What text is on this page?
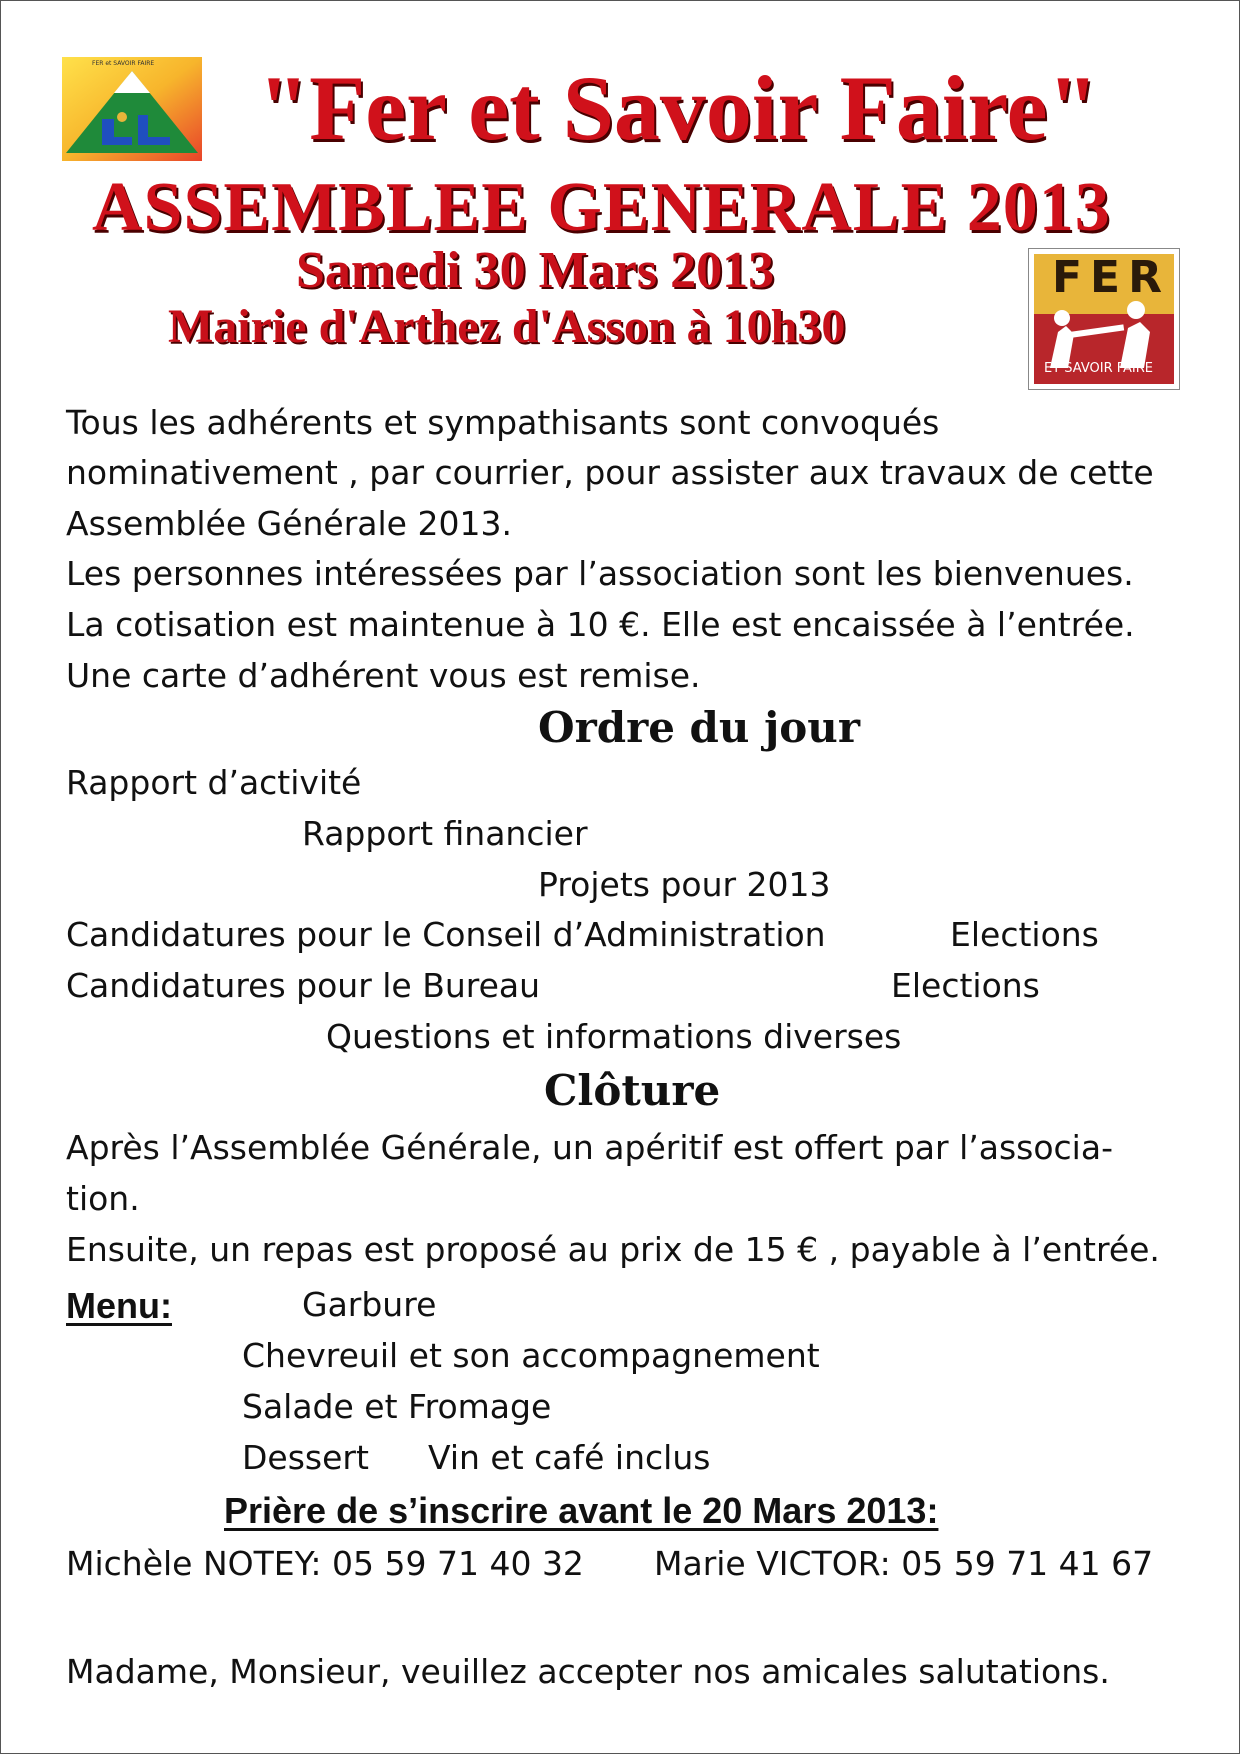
FER et SAVOIR FAIRE "Fer et Savoir Faire"
ASSEMBLEE GENERALE 2013
Samedi 30 Mars 2013
Mairie d'Arthez d'Asson à 10h30
FER
ET SAVOIR FAIRE
Tous les adhérents et sympathisants sont convoqués
nominativement , par courrier, pour assister aux travaux de cette
Assemblée Générale 2013.
Les personnes intéressées par l’association sont les bienvenues.
La cotisation est maintenue à 10 €. Elle est encaissée à l’entrée.
Une carte d’adhérent vous est remise.
Ordre du jour
Rapport d’activité
Rapport financier
Projets pour 2013
Candidatures pour le Conseil d’Administration	Elections
Candidatures pour le Bureau	Elections
Questions et informations diverses
Clôture
Après l’Assemblée Générale, un apéritif est offert par l’associa-
tion.
Ensuite, un repas est proposé au prix de 15 € , payable à l’entrée.
Menu:	Garbure
Chevreuil et son accompagnement
Salade et Fromage
Dessert Vin et café inclus
Prière de s’inscrire avant le 20 Mars 2013:
Michèle NOTEY: 05 59 71 40 32 Marie VICTOR: 05 59 71 41 67
Madame, Monsieur, veuillez accepter nos amicales salutations.
